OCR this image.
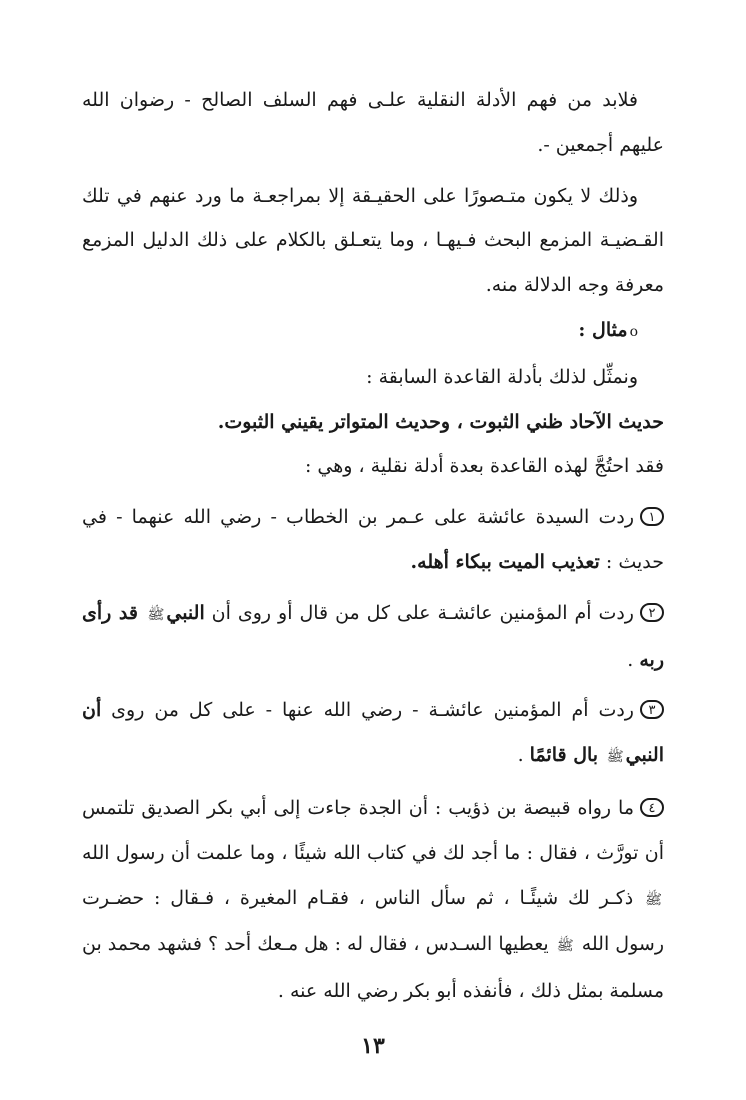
فلابد من فهم الأدلة النقلية علـى فهم السلف الصالح - رضوان الله عليهم أجمعين -.

وذلك لا يكون متـصورًا على الحقيـقة إلا بمراجعـة ما ورد عنهم في تلك القـضيـة المزمع البحث فـيهـا ، وما يتعـلق بالكلام على ذلك الدليل المزمع معرفة وجه الدلالة منه.

οمثال :

ونمثِّل لذلك بأدلة القاعدة السابقة :

حديث الآحاد ظني الثبوت ، وحديث المتواتر يقيني الثبوت.

فقد احتُجَّ لهذه القاعدة بعدة أدلة نقلية ، وهي :

١ردت السيدة عائشة على عـمر بن الخطاب - رضي الله عنهما - في حديث : تعذيب الميت ببكاء أهله.

٢ردت أم المؤمنين عائشـة على كل من قال أو روى أن النبيﷺ قد رأى ربه .

٣ردت أم المؤمنين عائشـة - رضي الله عنها - على كل من روى أن النبيﷺ بال قائمًا .

٤ما رواه قبيصة بن ذؤيب : أن الجدة جاءت إلى أبي بكر الصديق تلتمس أن تورَّث ، فقال : ما أجد لك في كتاب الله شيئًا ، وما علمت أن رسول الله ﷺ ذكـر لك شيئًـا ، ثم سأل الناس ، فقـام المغيرة ، فـقال : حضـرت رسول الله ﷺ يعطيها السـدس ، فقال له : هل مـعك أحد ؟ فشهد محمد بن مسلمة بمثل ذلك ، فأنفذه أبو بكر رضي الله عنه .

١٣
